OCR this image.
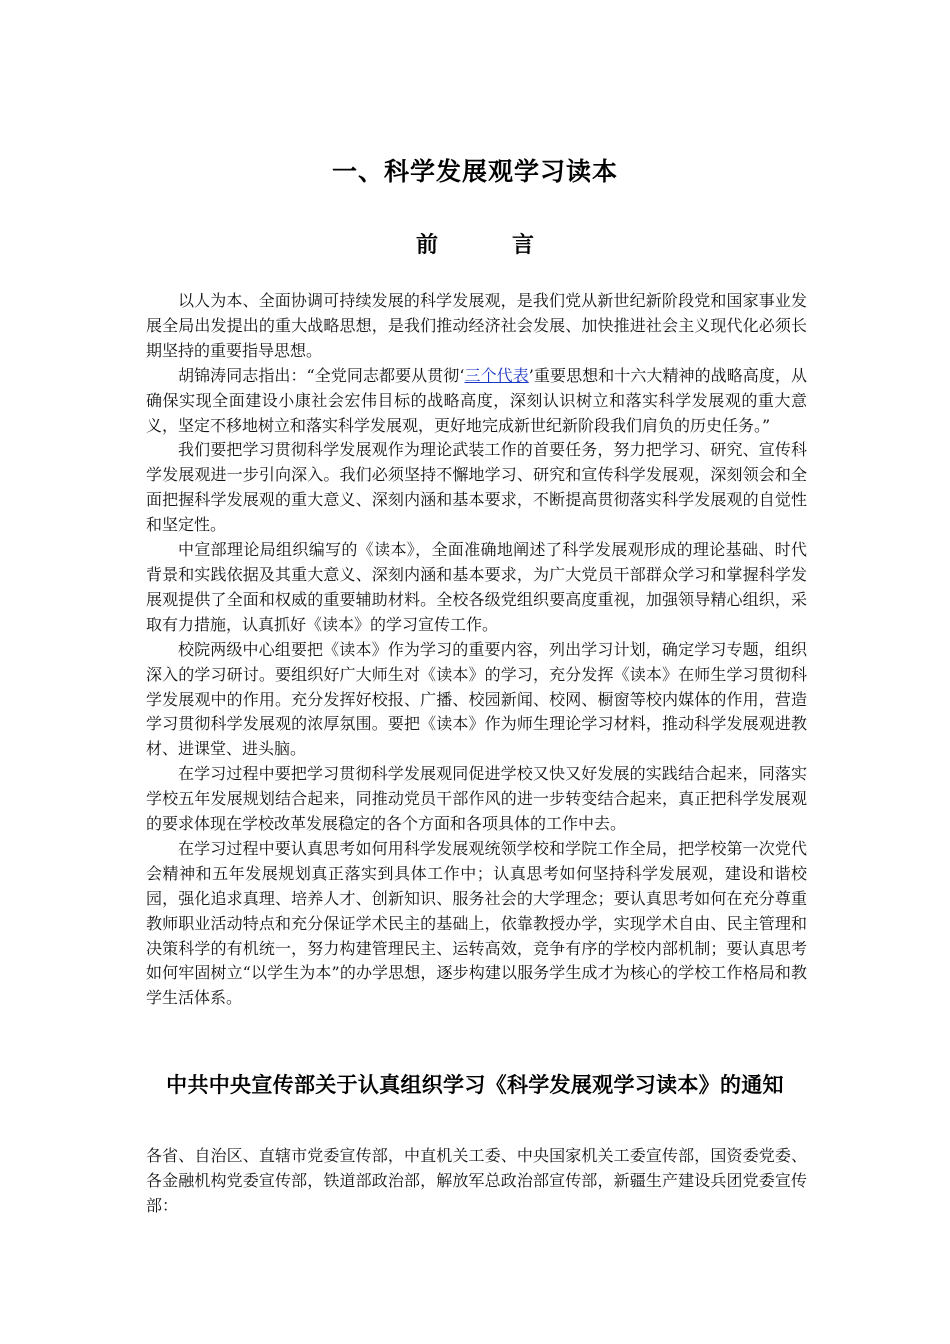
一、科学发展观学习读本
前　言

以人为本、全面协调可持续发展的科学发展观，是我们党从新世纪新阶段党和国家事业发展全局出发提出的重大战略思想，是我们推动经济社会发展、加快推进社会主义现代化必须长期坚持的重要指导思想。

胡锦涛同志指出：“全党同志都要从贯彻‘三个代表’重要思想和十六大精神的战略高度，从确保实现全面建设小康社会宏伟目标的战略高度，深刻认识树立和落实科学发展观的重大意义，坚定不移地树立和落实科学发展观，更好地完成新世纪新阶段我们肩负的历史任务。”

我们要把学习贯彻科学发展观作为理论武装工作的首要任务，努力把学习、研究、宣传科学发展观进一步引向深入。我们必须坚持不懈地学习、研究和宣传科学发展观，深刻领会和全面把握科学发展观的重大意义、深刻内涵和基本要求，不断提高贯彻落实科学发展观的自觉性和坚定性。

中宣部理论局组织编写的《读本》，全面准确地阐述了科学发展观形成的理论基础、时代背景和实践依据及其重大意义、深刻内涵和基本要求，为广大党员干部群众学习和掌握科学发展观提供了全面和权威的重要辅助材料。全校各级党组织要高度重视，加强领导精心组织，采取有力措施，认真抓好《读本》的学习宣传工作。

校院两级中心组要把《读本》作为学习的重要内容，列出学习计划，确定学习专题，组织深入的学习研讨。要组织好广大师生对《读本》的学习，充分发挥《读本》在师生学习贯彻科学发展观中的作用。充分发挥好校报、广播、校园新闻、校网、橱窗等校内媒体的作用，营造学习贯彻科学发展观的浓厚氛围。要把《读本》作为师生理论学习材料，推动科学发展观进教材、进课堂、进头脑。

在学习过程中要把学习贯彻科学发展观同促进学校又快又好发展的实践结合起来，同落实学校五年发展规划结合起来，同推动党员干部作风的进一步转变结合起来，真正把科学发展观的要求体现在学校改革发展稳定的各个方面和各项具体的工作中去。

在学习过程中要认真思考如何用科学发展观统领学校和学院工作全局，把学校第一次党代会精神和五年发展规划真正落实到具体工作中；认真思考如何坚持科学发展观，建设和谐校园，强化追求真理、培养人才、创新知识、服务社会的大学理念；要认真思考如何在充分尊重教师职业活动特点和充分保证学术民主的基础上，依靠教授办学，实现学术自由、民主管理和决策科学的有机统一，努力构建管理民主、运转高效，竞争有序的学校内部机制；要认真思考如何牢固树立“以学生为本”的办学思想，逐步构建以服务学生成才为核心的学校工作格局和教学生活体系。

中共中央宣传部关于认真组织学习《科学发展观学习读本》的通知

各省、自治区、直辖市党委宣传部，中直机关工委、中央国家机关工委宣传部，国资委党委、各金融机构党委宣传部，铁道部政治部，解放军总政治部宣传部，新疆生产建设兵团党委宣传部：
